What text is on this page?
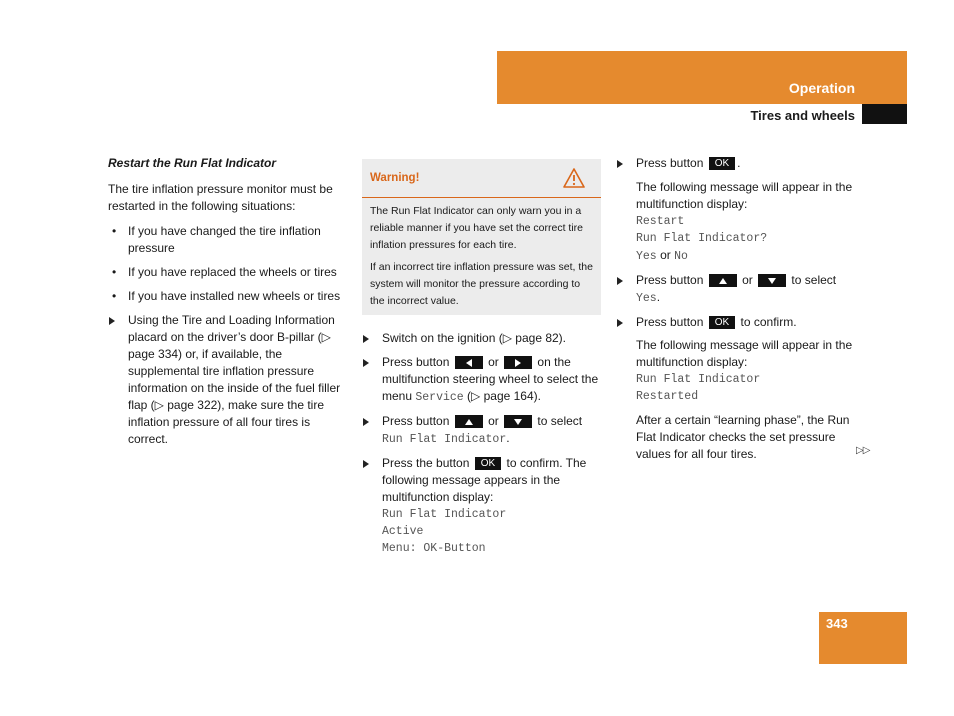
Operation
Tires and wheels

Restart the Run Flat Indicator

The tire inflation pressure monitor must be restarted in the following situations:

• If you have changed the tire inflation pressure

• If you have replaced the wheels or tires

• If you have installed new wheels or tires

Using the Tire and Loading Information placard on the driver’s door B-pillar (▷ page 334) or, if available, the supplemental tire inflation pressure information on the inside of the fuel filler flap (▷ page 322), make sure the tire inflation pressure of all four tires is correct.

Warning!

The Run Flat Indicator can only warn you in a reliable manner if you have set the correct tire inflation pressures for each tire.

If an incorrect tire inflation pressure was set, the system will monitor the pressure according to the incorrect value.

Switch on the ignition (▷ page 82).

Press button	or	on the multifunction steering wheel to select the menu Service (▷ page 164).

Press button	or	to select
Run Flat Indicator.

Press the button OK to confirm. The following message appears in the multifunction display:

Run Flat Indicator

Active

Menu: OK-Button

Press button OK .

The following message will appear in the multifunction display:

Restart

Run Flat Indicator?

Yes or No

Press button	or	to select
Yes.

Press button OK to confirm.

The following message will appear in the multifunction display:

Run Flat Indicator

Restarted

After a certain “learning phase”, the Run Flat Indicator checks the set pressure values for all four tires.	▷▷
343
